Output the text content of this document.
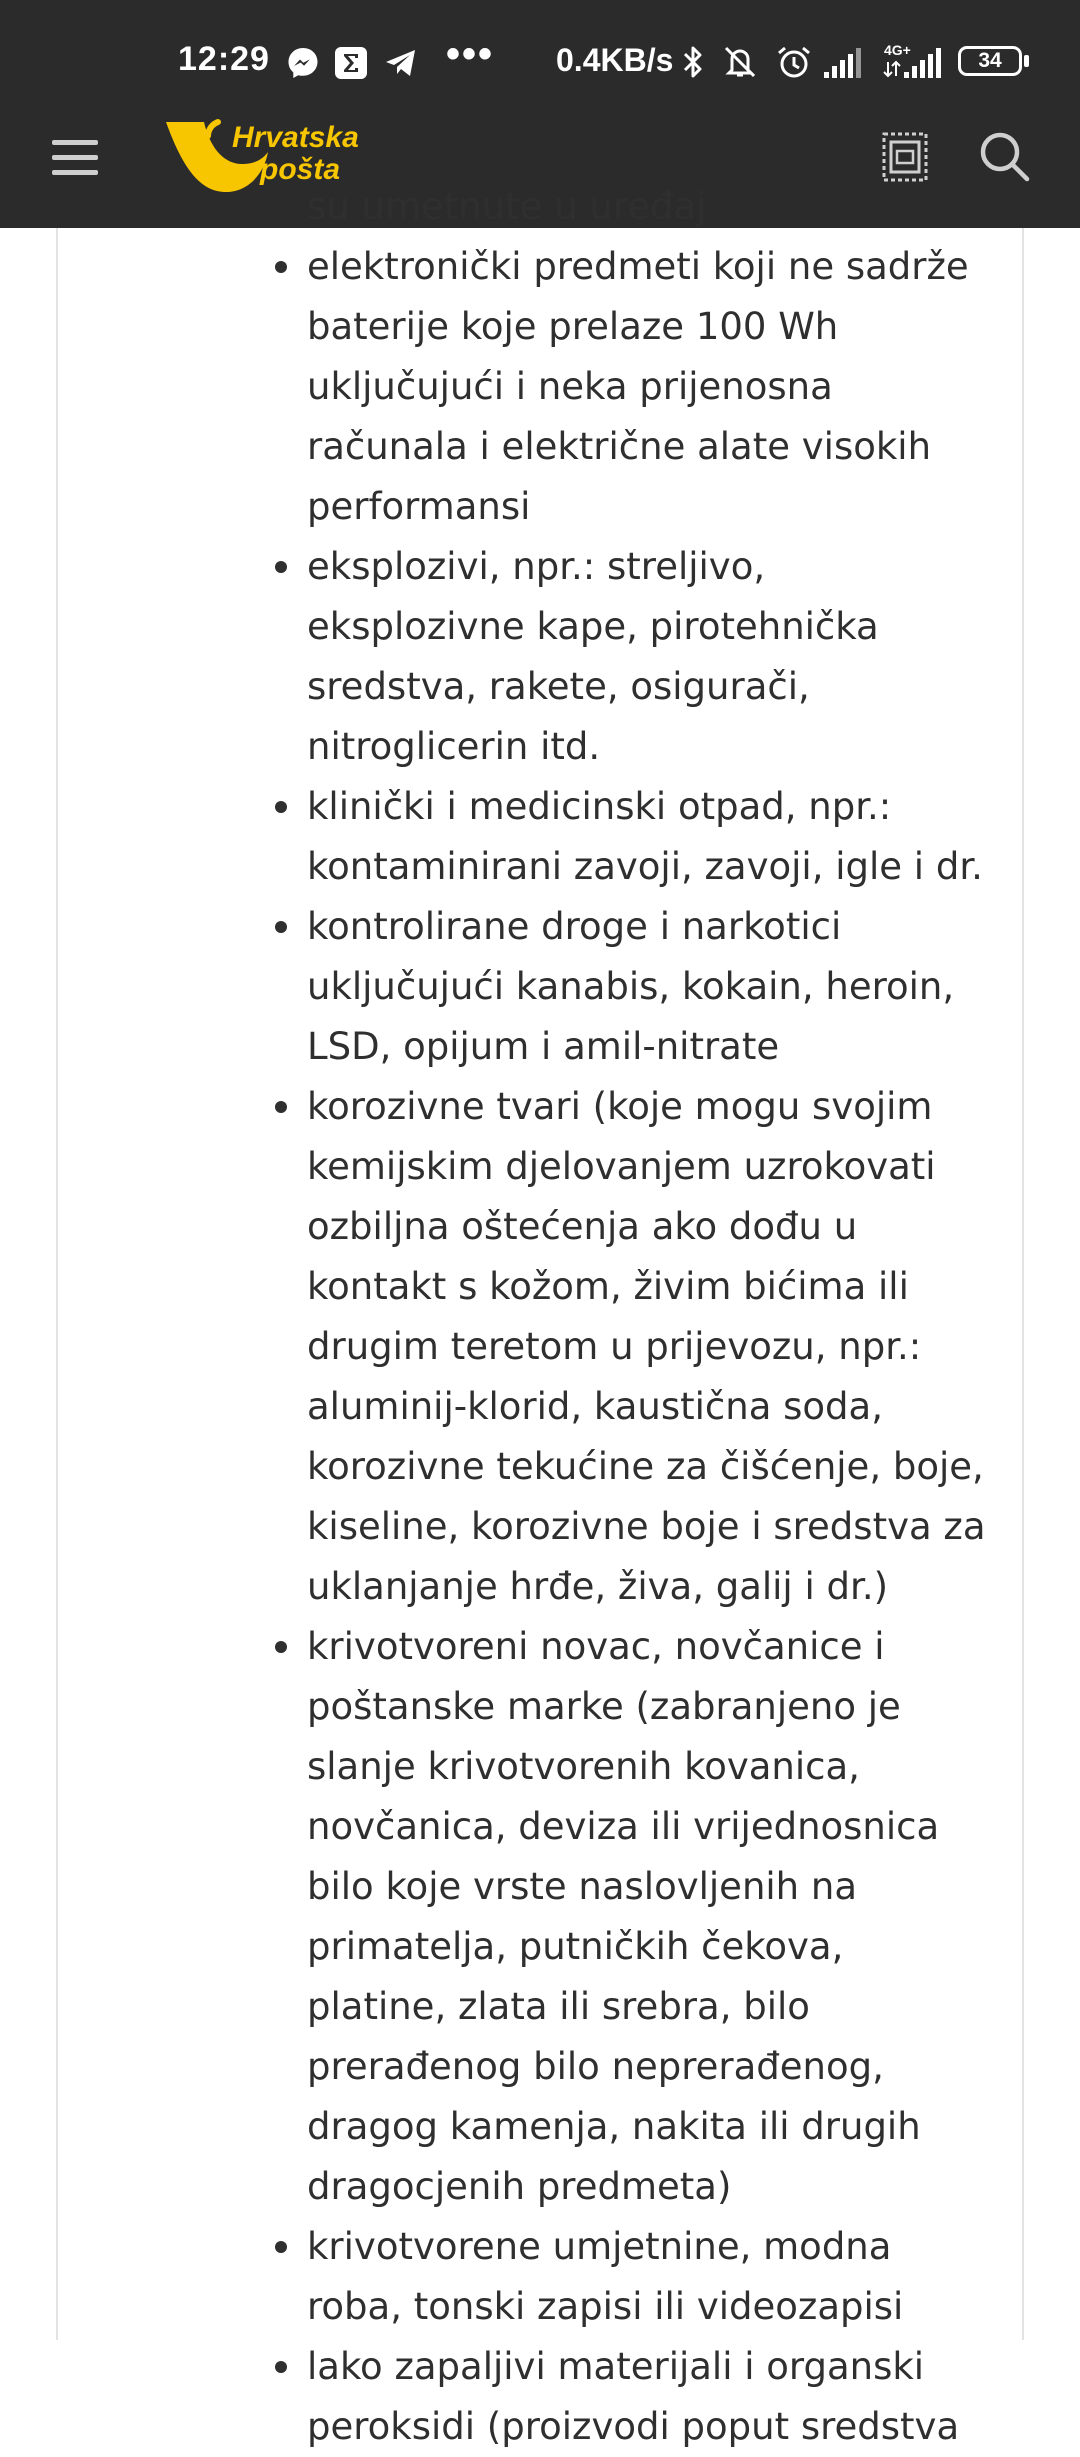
12:29	••• 0.4KB/s	4G+	34
Hrvatska
pošta
su umetnute u uređaj
elektronički predmeti koji ne sadrže baterije koje prelaze 100 Wh uključujući i neka prijenosna računala i električne alate visokih performansi
eksplozivi, npr.: streljivo, eksplozivne kape, pirotehnička sredstva, rakete, osigurači, nitroglicerin itd.
klinički i medicinski otpad, npr.: kontaminirani zavoji, zavoji, igle i dr.
kontrolirane droge i narkotici uključujući kanabis, kokain, heroin, LSD, opijum i amil-nitrate
korozivne tvari (koje mogu svojim kemijskim djelovanjem uzrokovati ozbiljna oštećenja ako dođu u kontakt s kožom, živim bićima ili drugim teretom u prijevozu, npr.: aluminij-klorid, kaustična soda, korozivne tekućine za čišćenje, boje, kiseline, korozivne boje i sredstva za uklanjanje hrđe, živa, galij i dr.)
krivotvoreni novac, novčanice i poštanske marke (zabranjeno je slanje krivotvorenih kovanica, novčanica, deviza ili vrijednosnica bilo koje vrste naslovljenih na primatelja, putničkih čekova, platine, zlata ili srebra, bilo prerađenog bilo neprerađenog, dragog kamenja, nakita ili drugih dragocjenih predmeta)
krivotvorene umjetnine, modna roba, tonski zapisi ili videozapisi
lako zapaljivi materijali i organski peroksidi (proizvodi poput sredstva
